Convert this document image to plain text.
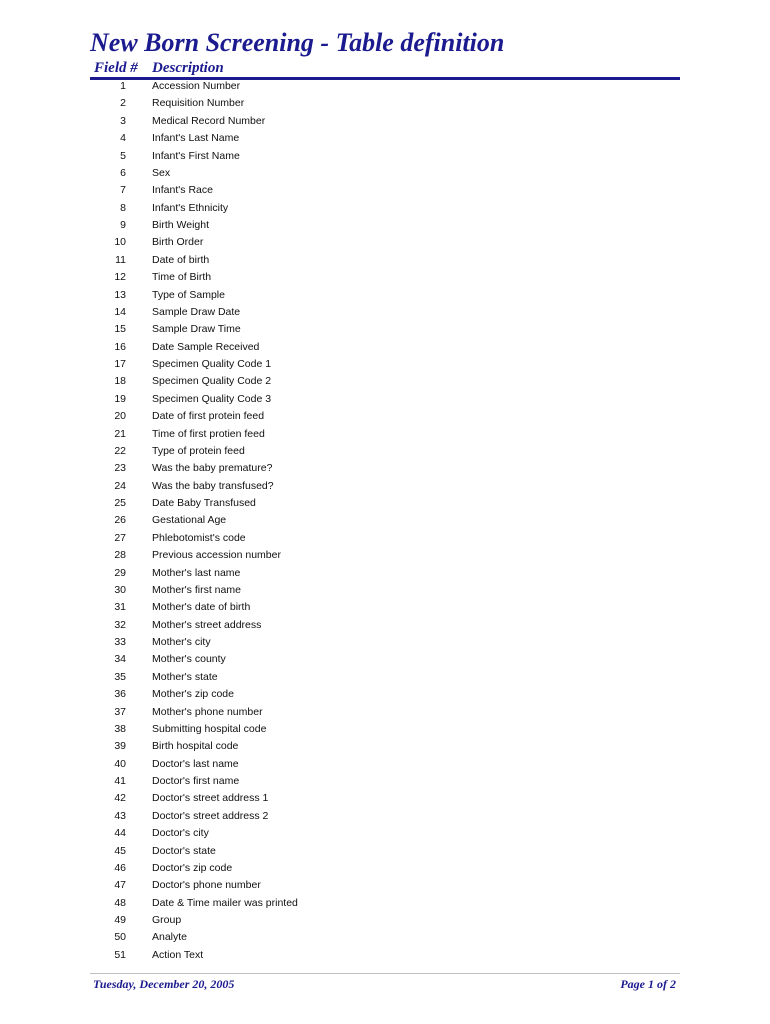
New Born Screening - Table definition
Field # Description
1 Accession Number
2 Requisition Number
3 Medical Record Number
4 Infant's Last Name
5 Infant's First Name
6 Sex
7 Infant's Race
8 Infant's Ethnicity
9 Birth Weight
10 Birth Order
11 Date of birth
12 Time of Birth
13 Type of Sample
14 Sample Draw Date
15 Sample Draw Time
16 Date Sample Received
17 Specimen Quality Code 1
18 Specimen Quality Code 2
19 Specimen Quality Code 3
20 Date of first protein feed
21 Time of first protien feed
22 Type of protein feed
23 Was the baby premature?
24 Was the baby transfused?
25 Date Baby Transfused
26 Gestational Age
27 Phlebotomist's code
28 Previous accession number
29 Mother's last name
30 Mother's first name
31 Mother's date of birth
32 Mother's street address
33 Mother's city
34 Mother's county
35 Mother's state
36 Mother's zip code
37 Mother's phone number
38 Submitting hospital code
39 Birth hospital code
40 Doctor's last name
41 Doctor's first name
42 Doctor's street address 1
43 Doctor's street address 2
44 Doctor's city
45 Doctor's state
46 Doctor's zip code
47 Doctor's phone number
48 Date & Time mailer was printed
49 Group
50 Analyte
51 Action Text
Tuesday, December 20, 2005	Page 1 of 2
